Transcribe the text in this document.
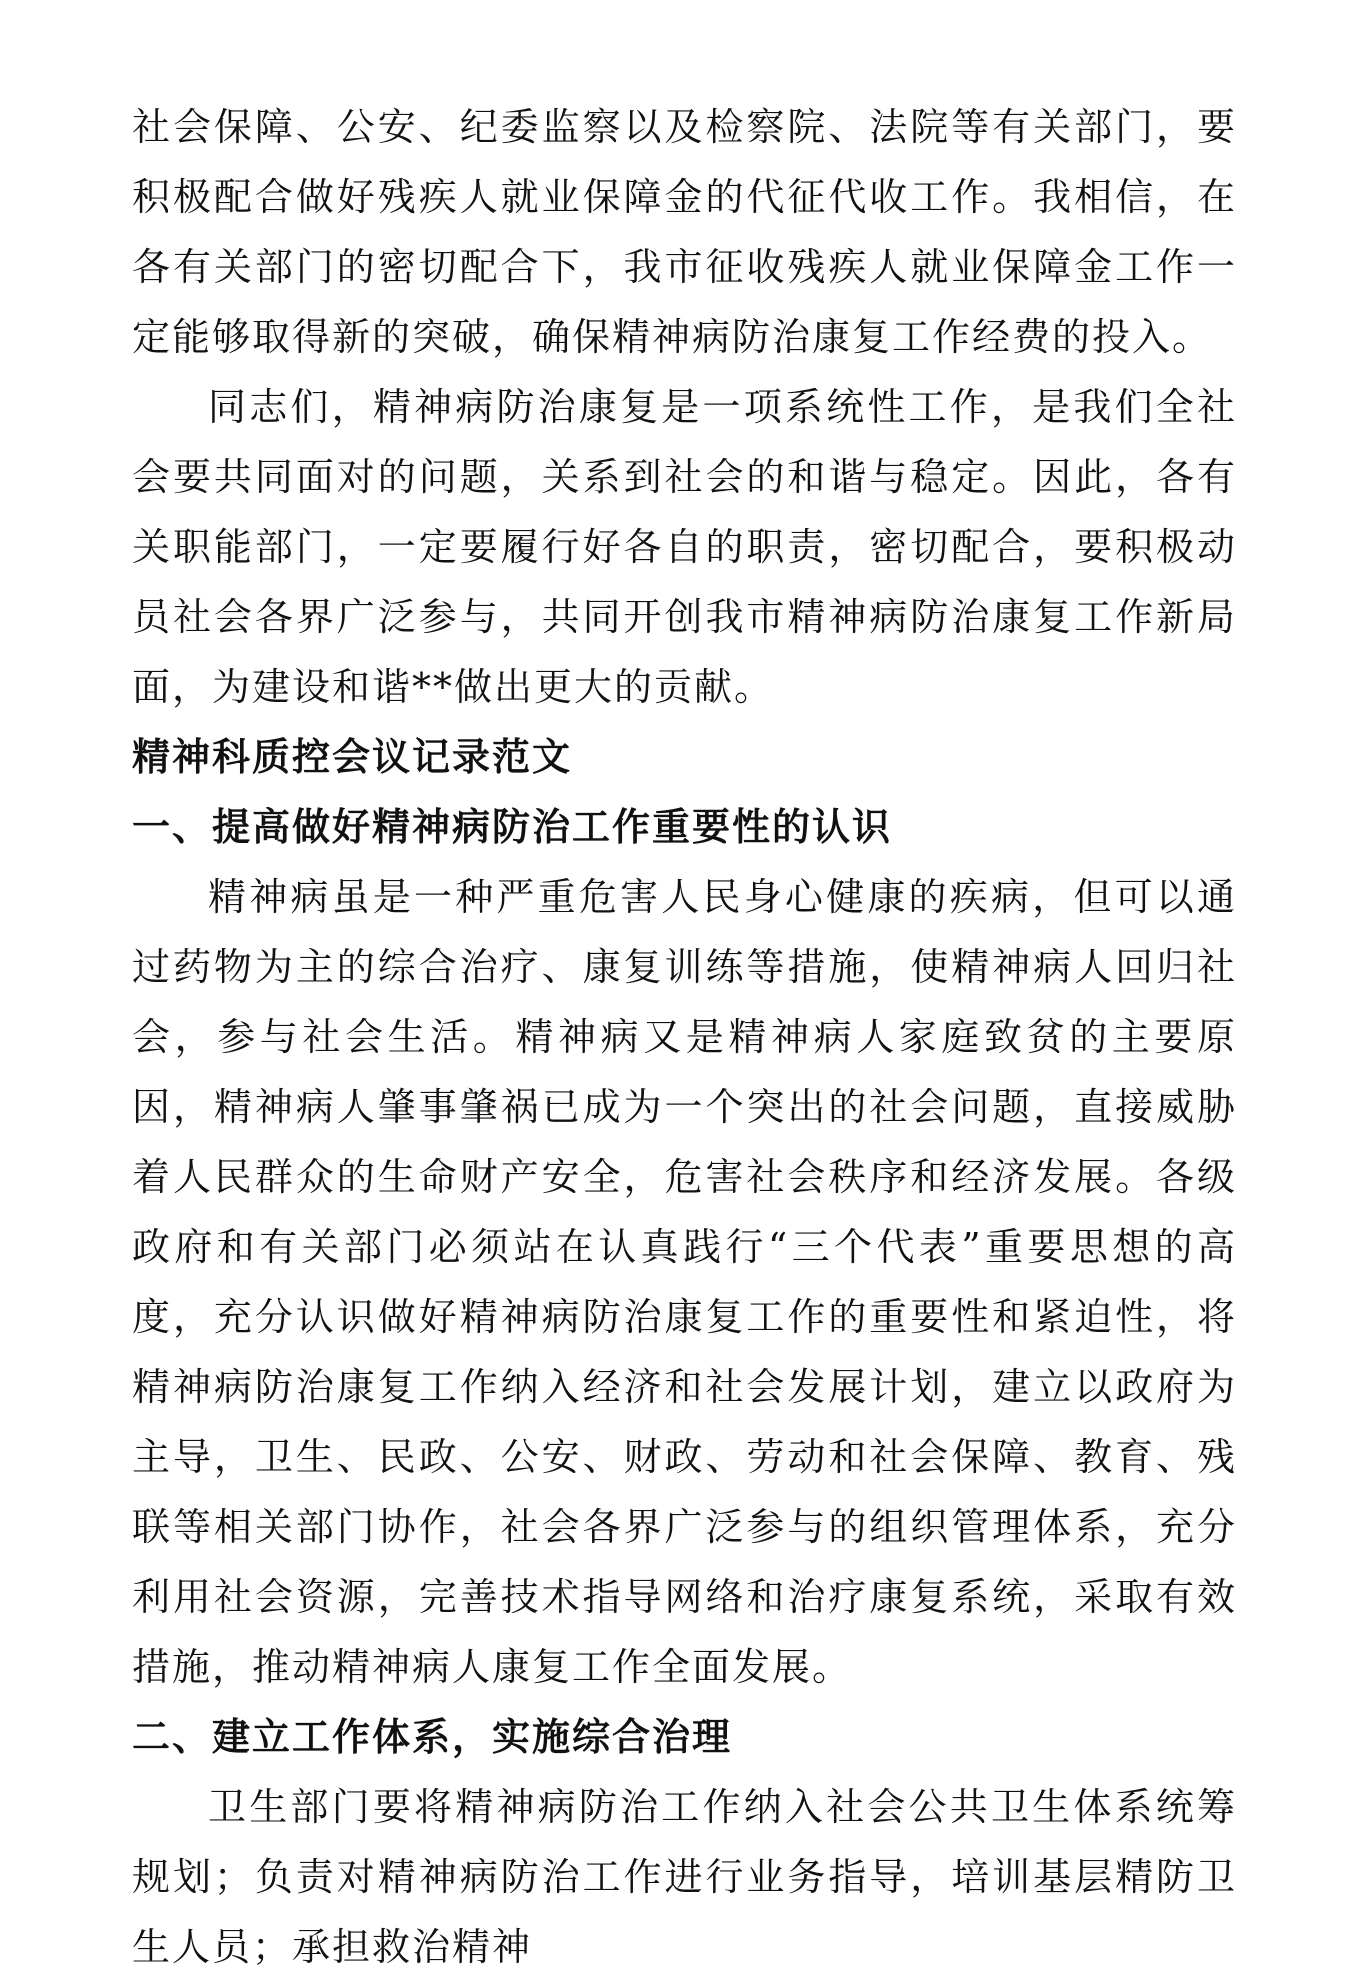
社会保障、公安、纪委监察以及检察院、法院等有关部门，要积极配合做好残疾人就业保障金的代征代收工作。我相信，在各有关部门的密切配合下，我市征收残疾人就业保障金工作一定能够取得新的突破，确保精神病防治康复工作经费的投入。

同志们，精神病防治康复是一项系统性工作，是我们全社会要共同面对的问题，关系到社会的和谐与稳定。因此，各有关职能部门，一定要履行好各自的职责，密切配合，要积极动员社会各界广泛参与，共同开创我市精神病防治康复工作新局面，为建设和谐**做出更大的贡献。

精神科质控会议记录范文
一、提高做好精神病防治工作重要性的认识

精神病虽是一种严重危害人民身心健康的疾病，但可以通过药物为主的综合治疗、康复训练等措施，使精神病人回归社会，参与社会生活。精神病又是精神病人家庭致贫的主要原因，精神病人肇事肇祸已成为一个突出的社会问题，直接威胁着人民群众的生命财产安全，危害社会秩序和经济发展。各级政府和有关部门必须站在认真践行“三个代表”重要思想的高度，充分认识做好精神病防治康复工作的重要性和紧迫性，将精神病防治康复工作纳入经济和社会发展计划，建立以政府为主导，卫生、民政、公安、财政、劳动和社会保障、教育、残联等相关部门协作，社会各界广泛参与的组织管理体系，充分利用社会资源，完善技术指导网络和治疗康复系统，采取有效措施，推动精神病人康复工作全面发展。

二、建立工作体系，实施综合治理

卫生部门要将精神病防治工作纳入社会公共卫生体系统筹规划；负责对精神病防治工作进行业务指导，培训基层精防卫生人员；承担救治精神
